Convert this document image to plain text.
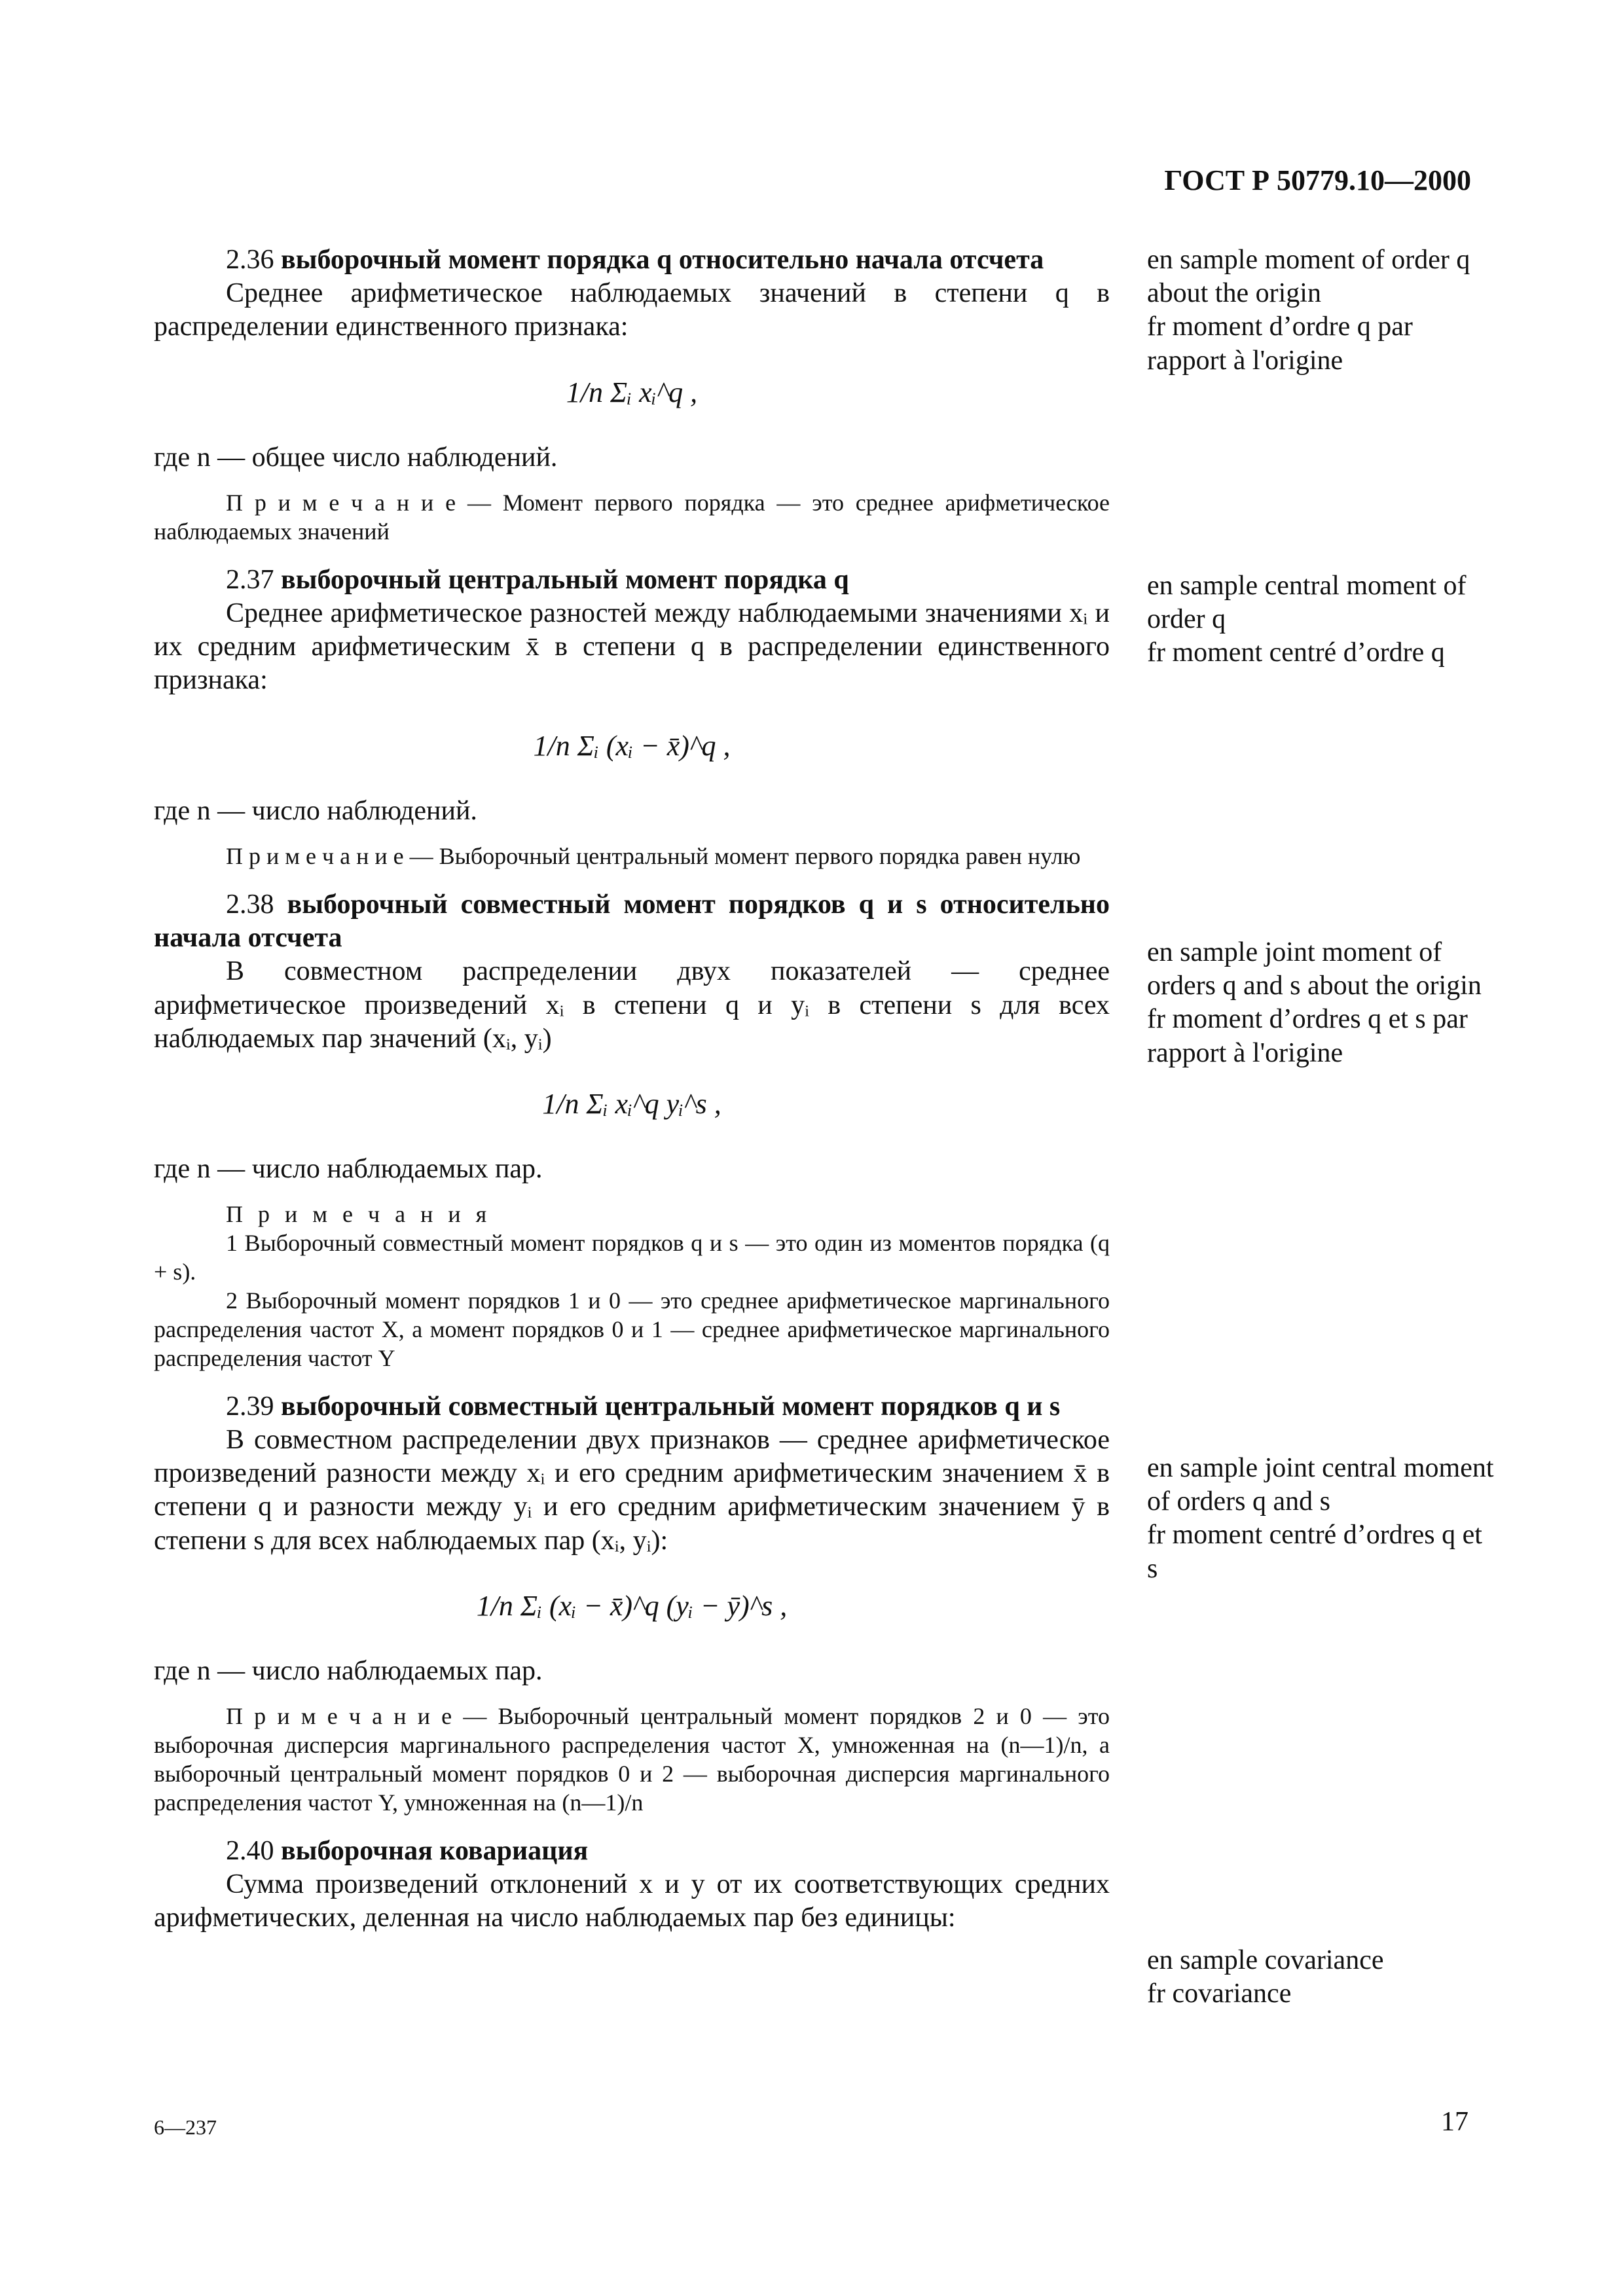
ГОСТ Р 50779.10—2000

2.36 выборочный момент порядка q относительно начала отсчета

Среднее арифметическое наблюдаемых значений в степени q в распределении единственного признака:

1/n Σᵢ xᵢ^q ,

где n — общее число наблюдений.

П р и м е ч а н и е — Момент первого порядка — это среднее арифметическое наблюдаемых значений

2.37 выборочный центральный момент порядка q

Среднее арифметическое разностей между наблюдаемыми значениями xᵢ и их средним арифметическим x̄ в степени q в распределении единственного признака:

1/n Σᵢ (xᵢ − x̄)^q ,

где n — число наблюдений.

П р и м е ч а н и е — Выборочный центральный момент первого порядка равен нулю

2.38 выборочный совместный момент порядков q и s относительно начала отсчета

В совместном распределении двух показателей — среднее арифметическое произведений xᵢ в степени q и yᵢ в степени s для всех наблюдаемых пар значений (xᵢ, yᵢ)

1/n Σᵢ xᵢ^q yᵢ^s ,

где n — число наблюдаемых пар.

П р и м е ч а н и я

1 Выборочный совместный момент порядков q и s — это один из моментов порядка (q + s).

2 Выборочный момент порядков 1 и 0 — это среднее арифметическое маргинального распределения частот X, а момент порядков 0 и 1 — среднее арифметическое маргинального распределения частот Y

2.39 выборочный совместный центральный момент порядков q и s

В совместном распределении двух признаков — среднее арифметическое произведений разности между xᵢ и его средним арифметическим значением x̄ в степени q и разности между yᵢ и его средним арифметическим значением ȳ в степени s для всех наблюдаемых пар (xᵢ, yᵢ):

1/n Σᵢ (xᵢ − x̄)^q (yᵢ − ȳ)^s ,

где n — число наблюдаемых пар.

П р и м е ч а н и е — Выборочный центральный момент порядков 2 и 0 — это выборочная дисперсия маргинального распределения частот X, умноженная на (n—1)/n, а выборочный центральный момент порядков 0 и 2 — выборочная дисперсия маргинального распределения частот Y, умноженная на (n—1)/n

2.40 выборочная ковариация

Сумма произведений отклонений x и y от их соответствующих средних арифметических, деленная на число наблюдаемых пар без единицы:

en sample moment of order q about the origin

fr moment d’ordre q par rapport à l'origine

en sample central moment of order q

fr moment centré d’ordre q

en sample joint moment of orders q and s about the origin

fr moment d’ordres q et s par rapport à l'origine

en sample joint central moment of orders q and s

fr moment centré d’ordres q et s

en sample covariance

fr covariance

6—237	17
